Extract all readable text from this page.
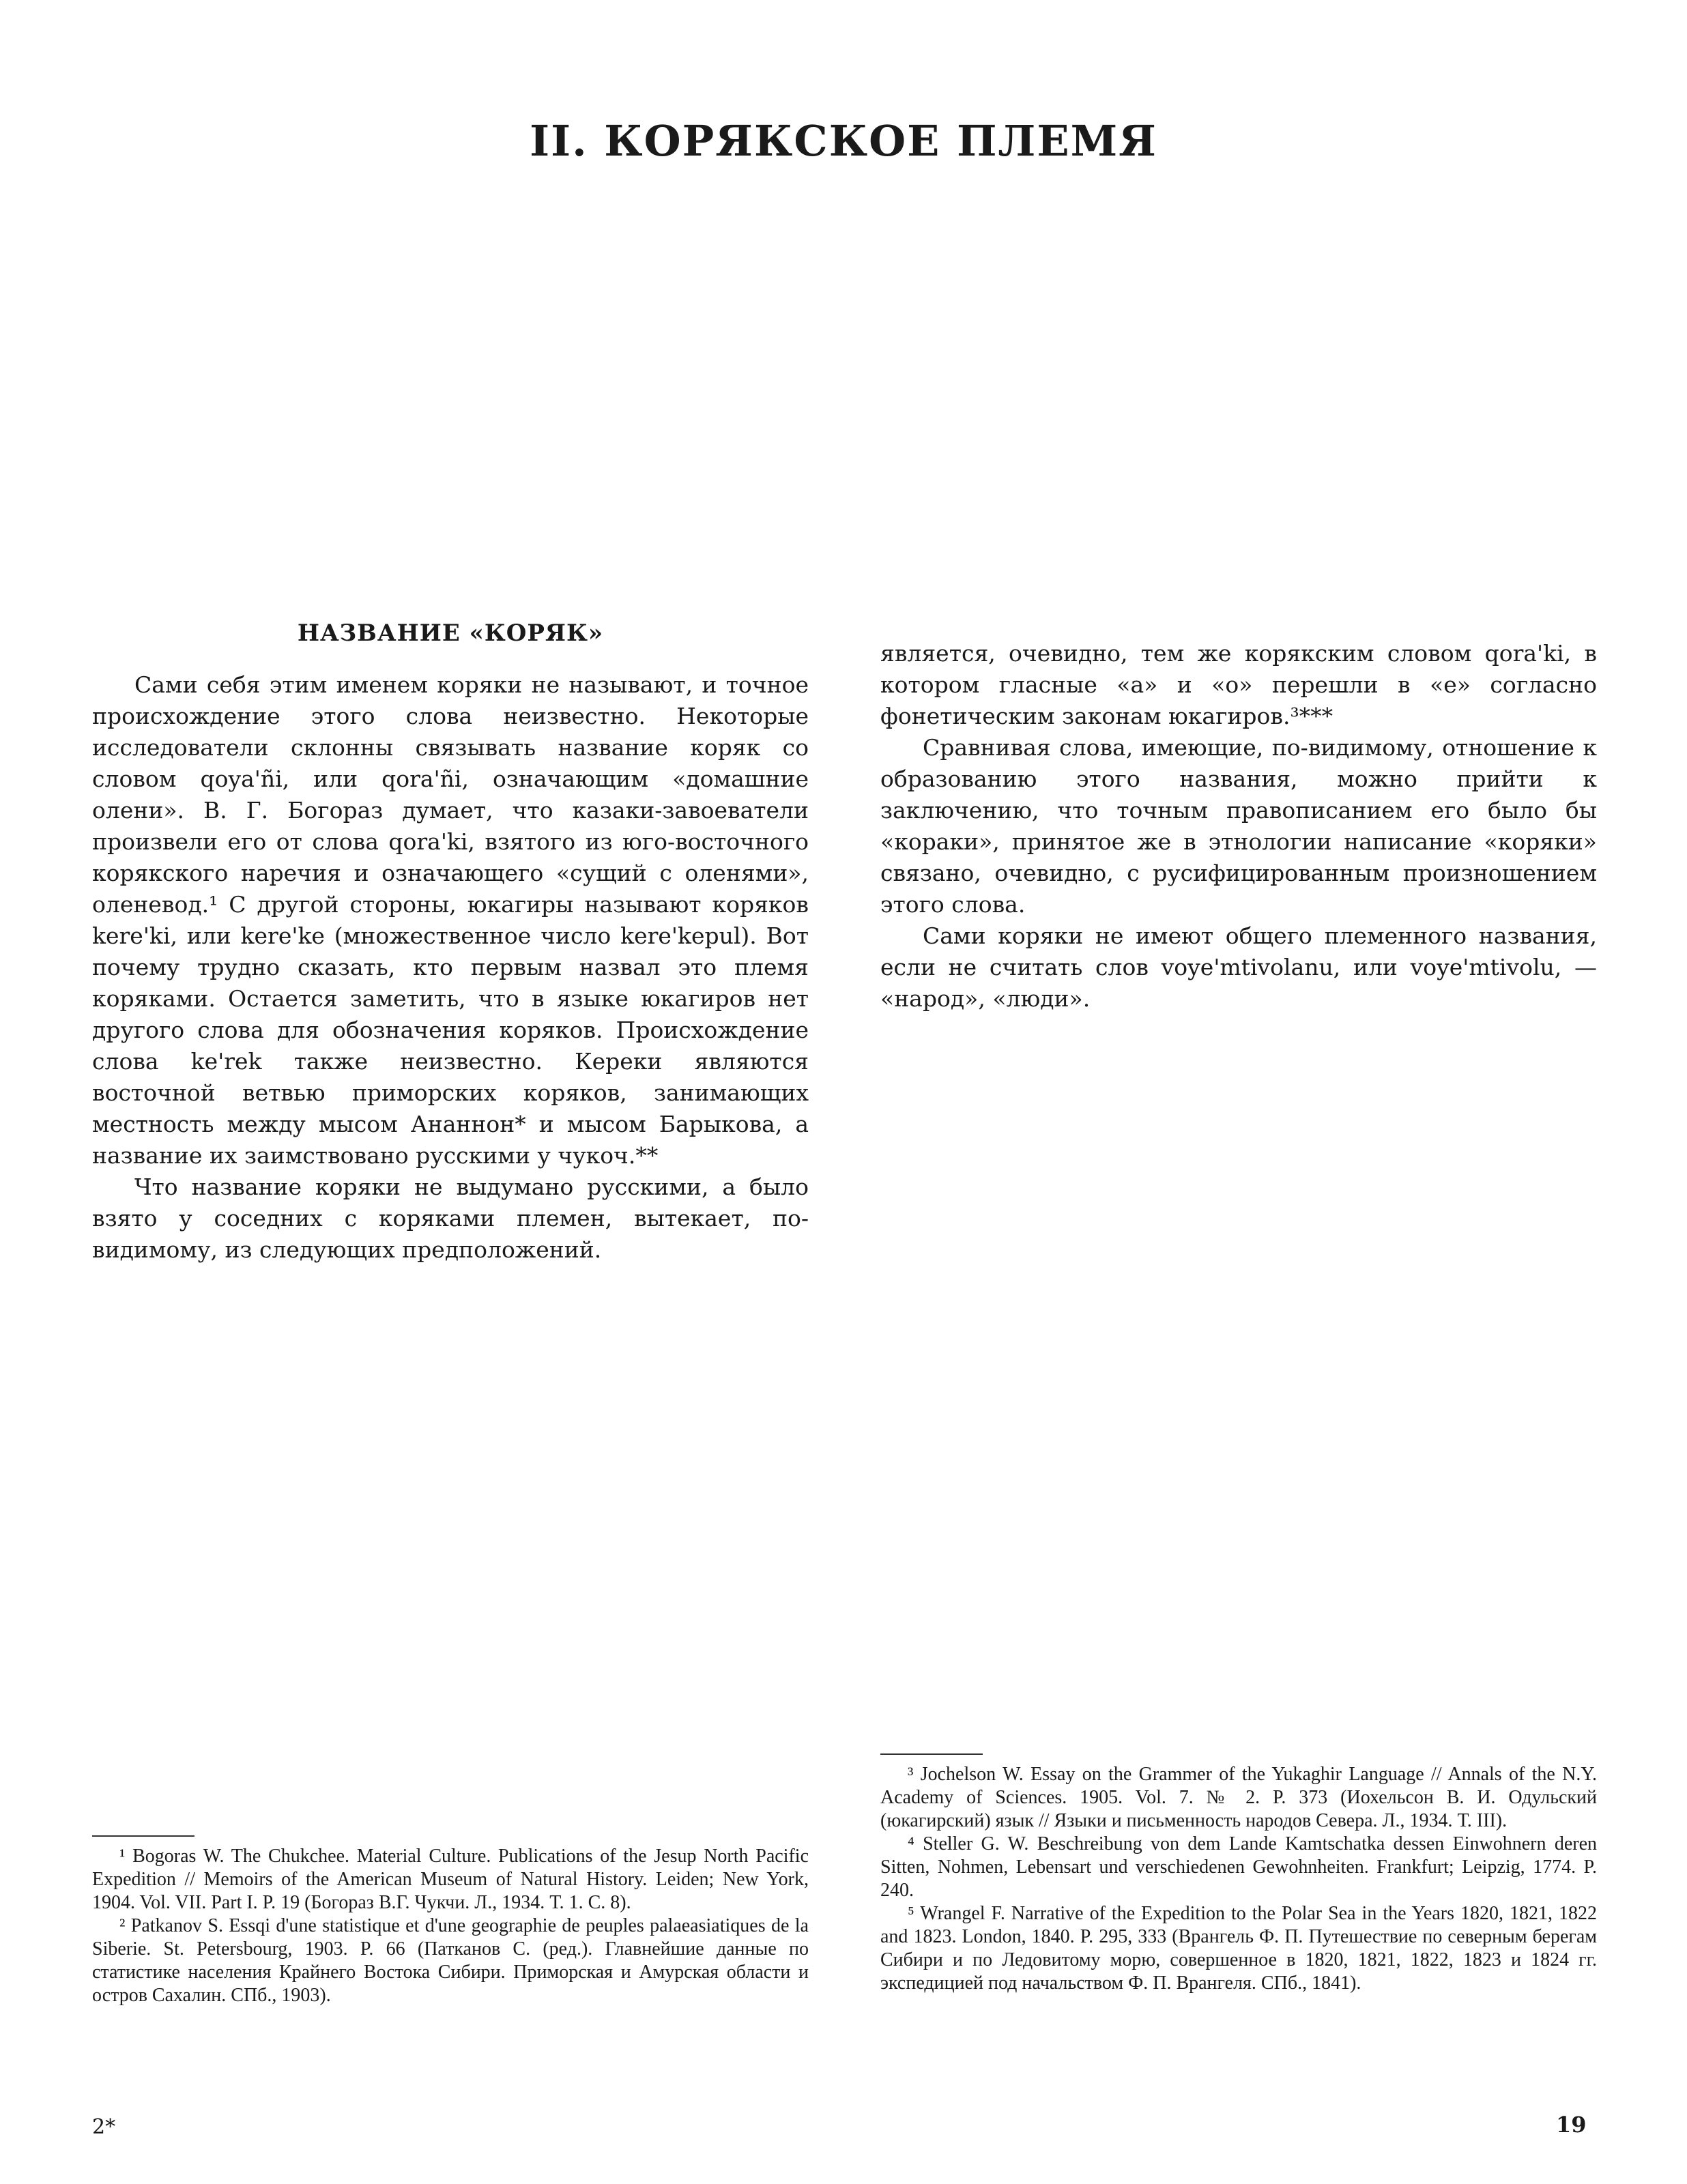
II. КОРЯКСКОЕ ПЛЕМЯ
НАЗВАНИЕ «КОРЯК»

Сами себя этим именем коряки не называют, и точное происхождение этого слова неизвестно. Некоторые исследователи склонны связывать название коряк со словом qoya'ñi, или qora'ñi, означающим «домашние олени». В. Г. Богораз думает, что казаки-завоеватели произвели его от слова qora'ki, взятого из юго-восточного корякского наречия и означающего «сущий с оленями», оленевод.¹ С другой стороны, юкагиры называют коряков kere'ki, или kere'ke (множественное число kere'kepul). Вот почему трудно сказать, кто первым назвал это племя коряками. Остается заметить, что в языке юкагиров нет другого слова для обозначения коряков. Происхождение слова ke'rek также неизвестно. Кереки являются восточной ветвью приморских коряков, занимающих местность между мысом Ананнон* и мысом Барыкова, а название их заимствовано русскими у чукоч.**

Что название коряки не выдумано русскими, а было взято у соседних с коряками племен, вытекает, по-видимому, из следующих предположений.

является, очевидно, тем же корякским словом qora'ki, в котором гласные «а» и «о» перешли в «е» согласно фонетическим законам юкагиров.³***

Сравнивая слова, имеющие, по-видимому, отношение к образованию этого названия, можно прийти к заключению, что точным правописанием его было бы «кораки», принятое же в этнологии написание «коряки» связано, очевидно, с русифицированным произношением этого слова.

Сами коряки не имеют общего племенного названия, если не считать слов voye'mtivolanu, или voye'mtivolu, — «народ», «люди».

¹ Bogoras W. The Chukchee. Material Culture. Publications of the Jesup North Pacific Expedition // Memoirs of the American Museum of Natural History. Leiden; New York, 1904. Vol. VII. Part I. P. 19 (Богораз В.Г. Чукчи. Л., 1934. Т. 1. С. 8).

² Patkanov S. Essqi d'une statistique et d'une geographie de peuples palaeasiatiques de la Siberie. St. Petersbourg, 1903. P. 66 (Патканов С. (ред.). Главнейшие данные по статистике населения Крайнего Востока Сибири. Приморская и Амурская области и остров Сахалин. СПб., 1903).

³ Jochelson W. Essay on the Grammer of the Yukaghir Language // Annals of the N.Y. Academy of Sciences. 1905. Vol. 7. № 2. P. 373 (Иохельсон В. И. Одульский (юкагирский) язык // Языки и письменность народов Севера. Л., 1934. Т. III).

⁴ Steller G. W. Beschreibung von dem Lande Kamtschatka dessen Einwohnern deren Sitten, Nohmen, Lebensart und verschiedenen Gewohnheiten. Frankfurt; Leipzig, 1774. P. 240.

⁵ Wrangel F. Narrative of the Expedition to the Polar Sea in the Years 1820, 1821, 1822 and 1823. London, 1840. P. 295, 333 (Врангель Ф. П. Путешествие по северным берегам Сибири и по Ледовитому морю, совершенное в 1820, 1821, 1822, 1823 и 1824 гг. экспедицией под начальством Ф. П. Врангеля. СПб., 1841).

2*	19
